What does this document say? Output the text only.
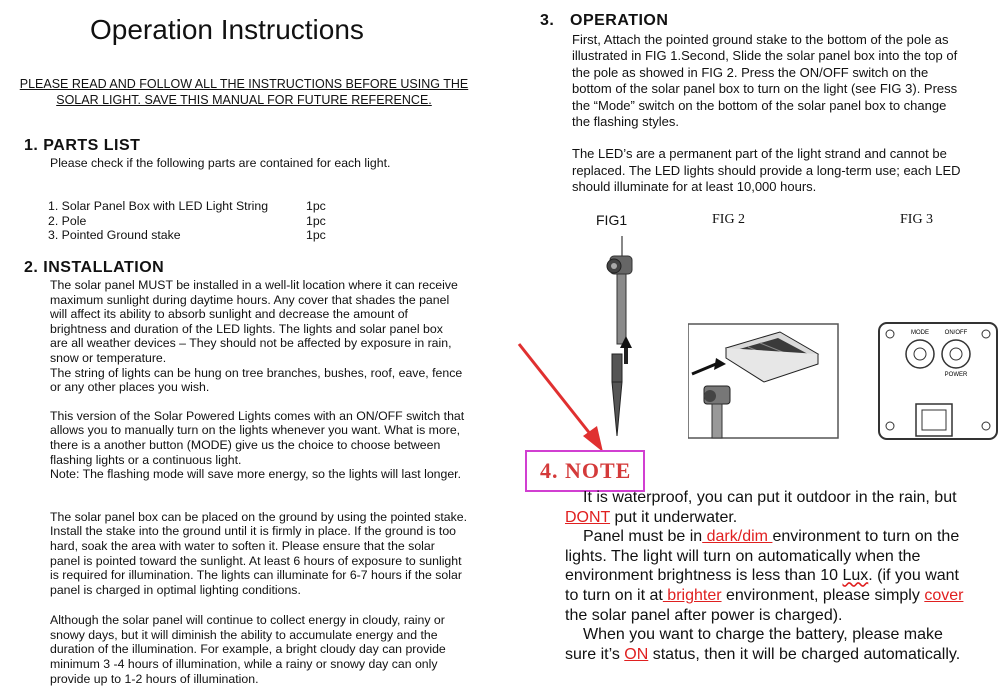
Operation Instructions
PLEASE READ AND FOLLOW ALL THE INSTRUCTIONS BEFORE USING THE
SOLAR LIGHT. SAVE THIS MANUAL FOR FUTURE REFERENCE.
1. PARTS LIST
Please check if the following parts are contained for each light.
1. Solar Panel Box with LED Light String	1pc
2. Pole	1pc
3. Pointed Ground stake	1pc
2. INSTALLATION
The solar panel MUST be installed in a well-lit location where it can receive
maximum sunlight during daytime hours. Any cover that shades the panel
will affect its ability to absorb sunlight and decrease the amount of
brightness and duration of the LED lights. The lights and solar panel box
are all weather devices – They should not be affected by exposure in rain,
snow or temperature.
The string of lights can be hung on tree branches, bushes, roof, eave, fence
or any other places you wish.
This version of the Solar Powered Lights comes with an ON/OFF switch that
allows you to manually turn on the lights whenever you want. What is more,
there is a another button (MODE) give us the choice to choose between
flashing lights or a continuous light.
Note: The flashing mode will save more energy, so the lights will last longer.
The solar panel box can be placed on the ground by using the pointed stake.
Install the stake into the ground until it is firmly in place. If the ground is too
hard, soak the area with water to soften it. Please ensure that the solar
panel is pointed toward the sunlight. At least 6 hours of exposure to sunlight
is required for illumination. The lights can illuminate for 6-7 hours if the solar
panel is charged in optimal lighting conditions.
Although the solar panel will continue to collect energy in cloudy, rainy or
snowy days, but it will diminish the ability to accumulate energy and the
duration of the illumination. For example, a bright cloudy day can provide
minimum 3 -4 hours of illumination, while a rainy or snowy day can only
provide up to 1-2 hours of illumination.
3. OPERATION
First, Attach the pointed ground stake to the bottom of the pole as
illustrated in FIG 1.Second, Slide the solar panel box into the top of
the pole as showed in FIG 2. Press the ON/OFF switch on the
bottom of the solar panel box to turn on the light (see FIG 3). Press
the “Mode” switch on the bottom of the solar panel box to change
the flashing styles.
The LED’s are a permanent part of the light strand and cannot be
replaced. The LED lights should provide a long-term use; each LED
should illuminate for at least 10,000 hours.
FIG1	FIG 2	FIG 3
MODE	ON/OFF
POWER
4. NOTE
It is waterproof, you can put it outdoor in the rain, but
DONT put it underwater.
Panel must be in dark/dim environment to turn on the
lights. The light will turn on automatically when the
environment brightness is less than 10 Lux. (if you want
to turn on it at brighter environment, please simply cover
the solar panel after power is charged).
When you want to charge the battery, please make
sure it’s ON status, then it will be charged automatically.
